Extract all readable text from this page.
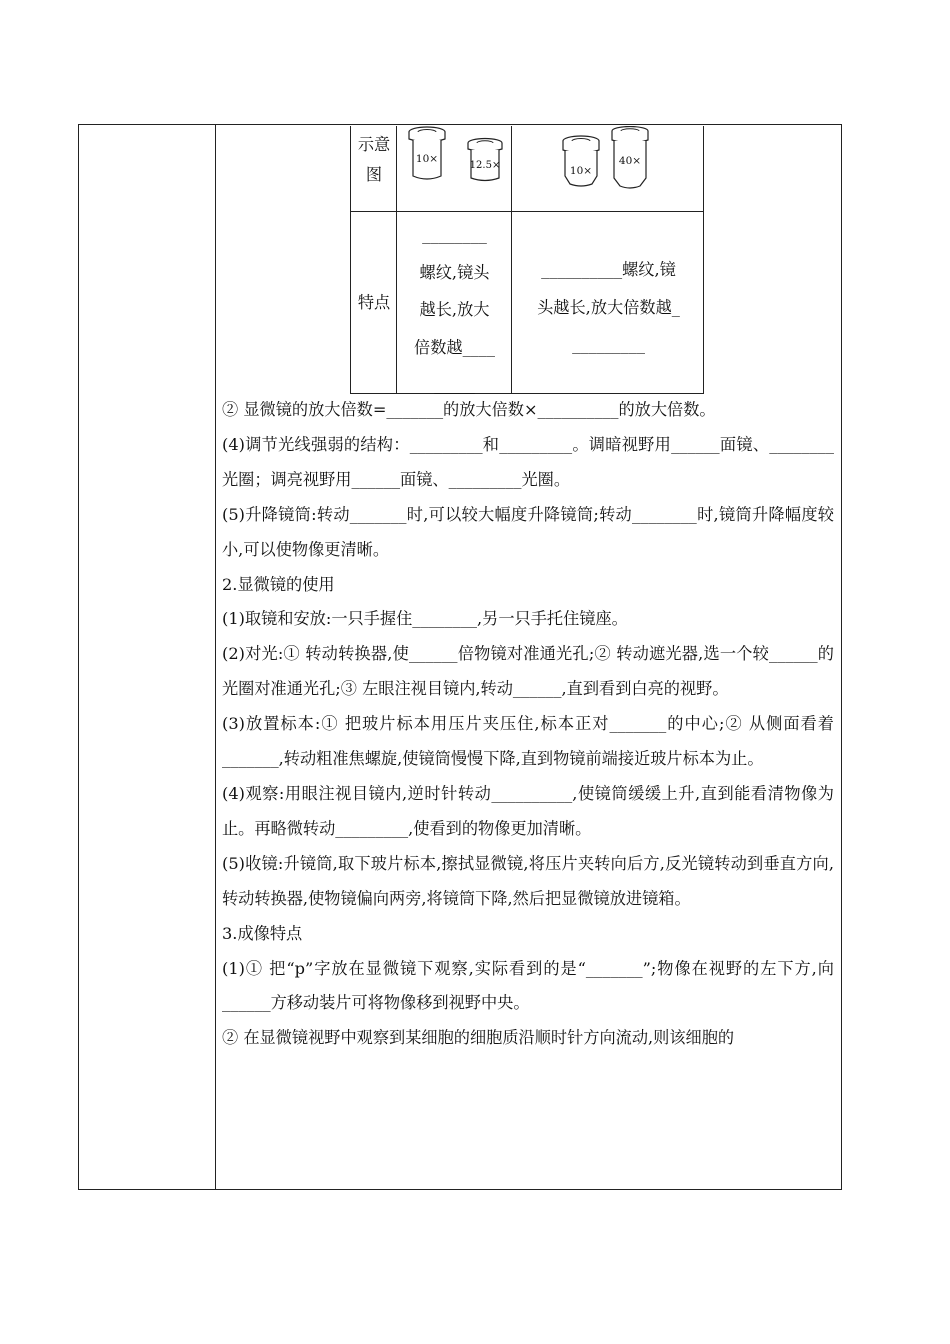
示意
图
特点
10×
12.5×	10×
40×
________
螺纹,镜头
越长,放大
倍数越____
_____
__________螺纹,镜
头越长,放大倍数越_
_________

② 显微镜的放大倍数=_______的放大倍数×__________的放大倍数。

(4)调节光线强弱的结构：_________和_________。调暗视野用______面镜、________光圈；调亮视野用______面镜、_________光圈。

(5)升降镜筒:转动_______时,可以较大幅度升降镜筒;转动________时,镜筒升降幅度较小,可以使物像更清晰。

2.显微镜的使用

(1)取镜和安放:一只手握住________,另一只手托住镜座。

(2)对光:① 转动转换器,使______倍物镜对准通光孔;② 转动遮光器,选一个较______的光圈对准通光孔;③ 左眼注视目镜内,转动______,直到看到白亮的视野。

(3)放置标本:① 把玻片标本用压片夹压住,标本正对_______的中心;② 从侧面看着_______,转动粗准焦螺旋,使镜筒慢慢下降,直到物镜前端接近玻片标本为止。

(4)观察:用眼注视目镜内,逆时针转动__________,使镜筒缓缓上升,直到能看清物像为止。再略微转动_________,使看到的物像更加清晰。

(5)收镜:升镜筒,取下玻片标本,擦拭显微镜,将压片夹转向后方,反光镜转动到垂直方向,转动转换器,使物镜偏向两旁,将镜筒下降,然后把显微镜放进镜箱。

3.成像特点

(1)① 把“p”字放在显微镜下观察,实际看到的是“_______”;物像在视野的左下方,向______方移动装片可将物像移到视野中央。

② 在显微镜视野中观察到某细胞的细胞质沿顺时针方向流动,则该细胞的
